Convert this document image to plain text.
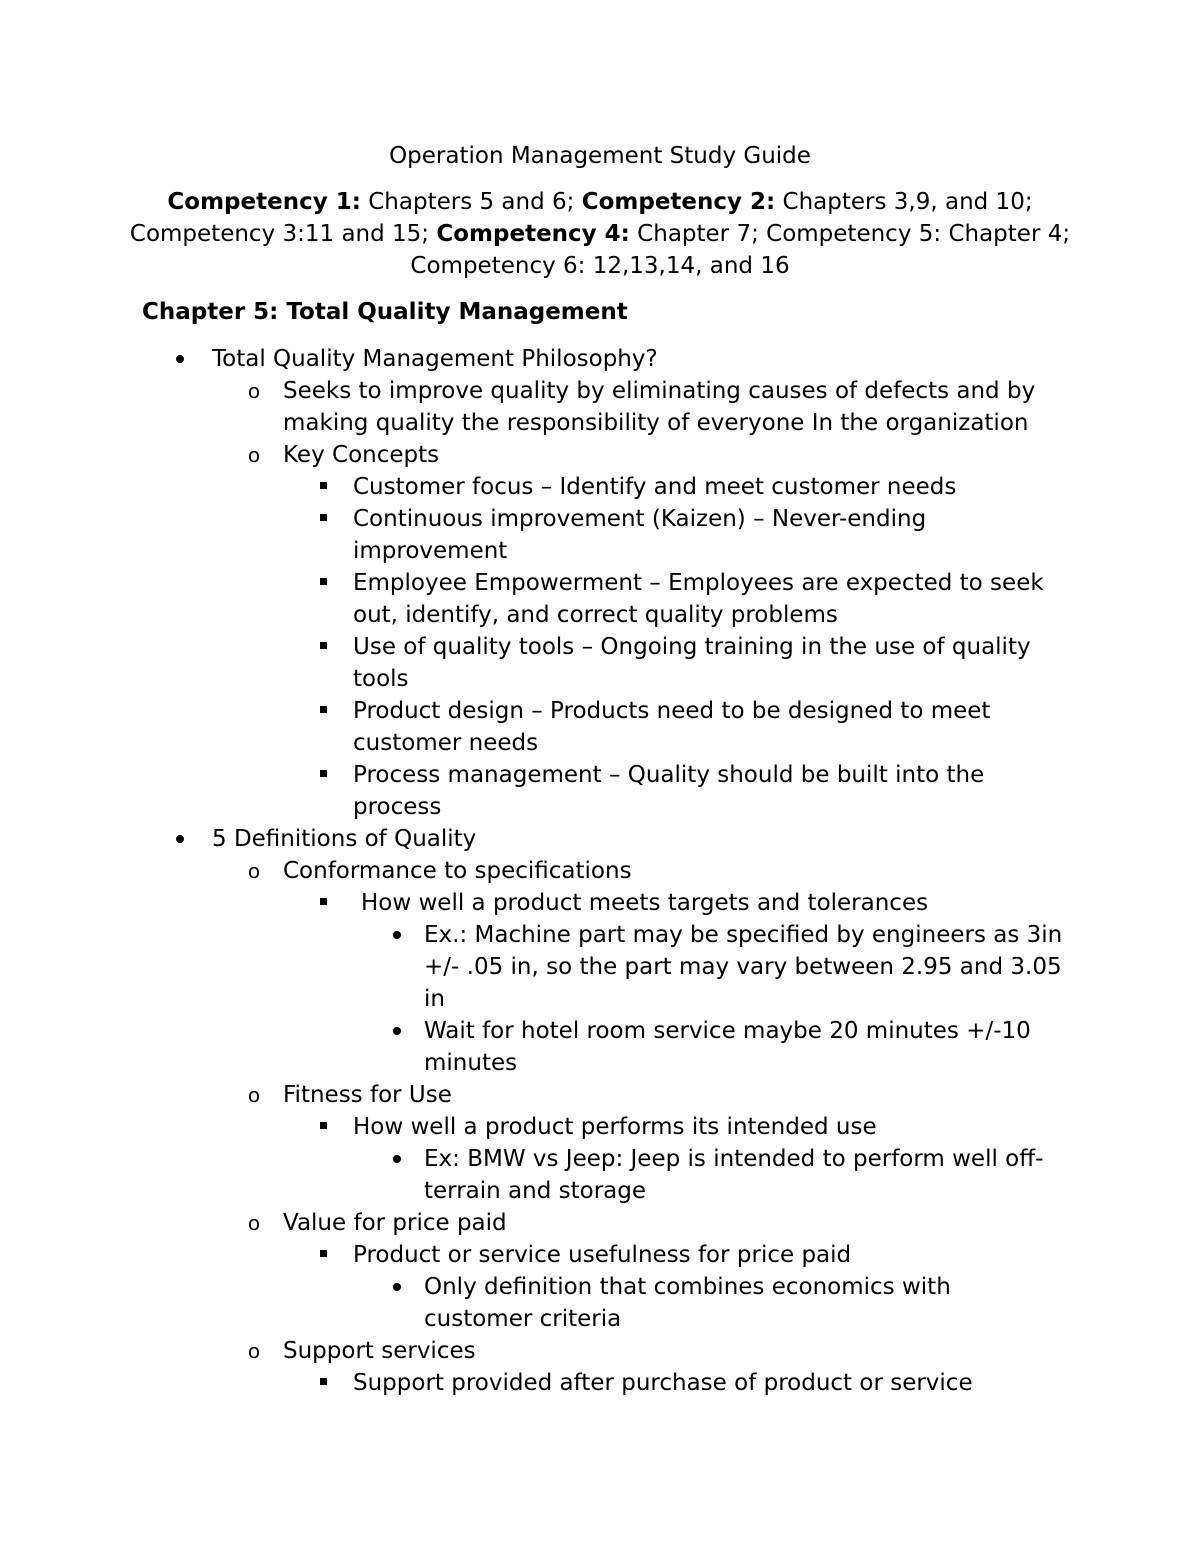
Operation Management Study Guide
Competency 1: Chapters 5 and 6; Competency 2: Chapters 3,9, and 10; Competency 3:11 and 15; Competency 4: Chapter 7; Competency 5: Chapter 4; Competency 6: 12,13,14, and 16
Chapter 5: Total Quality Management
Total Quality Management Philosophy?
o Seeks to improve quality by eliminating causes of defects and by making quality the responsibility of everyone In the organization
o Key Concepts
Customer focus – Identify and meet customer needs
Continuous improvement (Kaizen) – Never-ending improvement
Employee Empowerment – Employees are expected to seek out, identify, and correct quality problems
Use of quality tools – Ongoing training in the use of quality tools
Product design – Products need to be designed to meet customer needs
Process management – Quality should be built into the process
5 Definitions of Quality
o Conformance to specifications
How well a product meets targets and tolerances
Ex.: Machine part may be specified by engineers as 3in +/- .05 in, so the part may vary between 2.95 and 3.05 in
Wait for hotel room service maybe 20 minutes +/-10 minutes
o Fitness for Use
How well a product performs its intended use
Ex: BMW vs Jeep: Jeep is intended to perform well off-terrain and storage
o Value for price paid
Product or service usefulness for price paid
Only definition that combines economics with customer criteria
o Support services
Support provided after purchase of product or service
